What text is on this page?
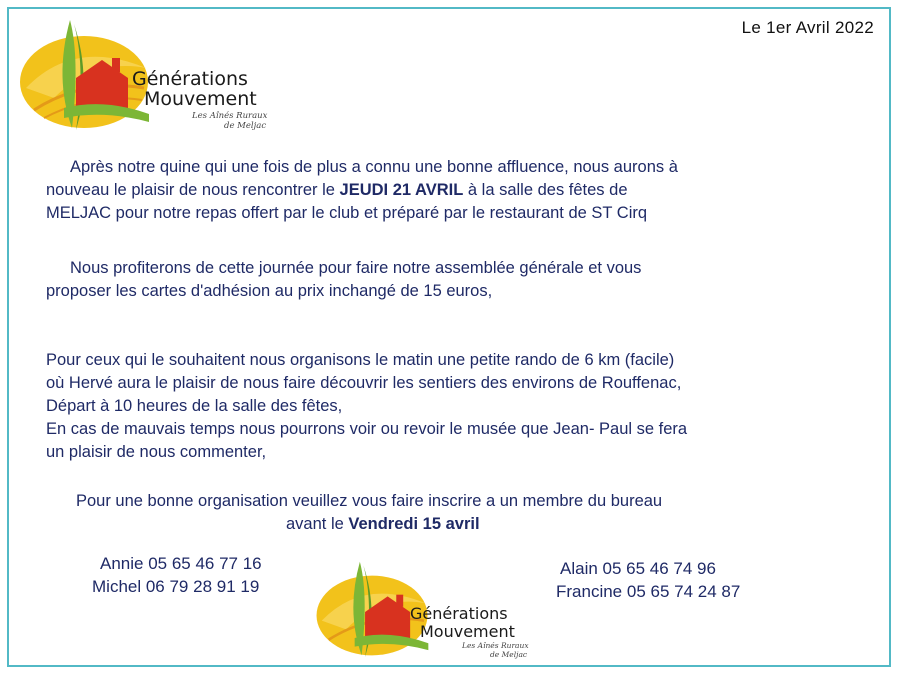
Le 1er Avril 2022
Générations
Mouvement
Les Aînés Ruraux
de Meljac
Après notre quine qui une fois de plus a connu une bonne affluence, nous aurons à
nouveau le plaisir de nous rencontrer le JEUDI 21 AVRIL à la salle des fêtes de
MELJAC pour notre repas offert par le club et préparé par le restaurant de ST Cirq
Nous profiterons de cette journée pour faire notre assemblée générale et vous
proposer les cartes d'adhésion au prix inchangé de 15 euros,
Pour ceux qui le souhaitent nous organisons le matin une petite rando de 6 km (facile)
où Hervé aura le plaisir de nous faire découvrir les sentiers des environs de Rouffenac,
Départ à 10 heures de la salle des fêtes,
En cas de mauvais temps nous pourrons voir ou revoir le musée que Jean- Paul se fera
un plaisir de nous commenter,
Pour une bonne organisation veuillez vous faire inscrire a un membre du bureau
avant le Vendredi 15 avril
Annie 05 65 46 77 16
Michel 06 79 28 91 19
Alain 05 65 46 74 96
Francine 05 65 74 24 87
Générations
Mouvement
Les Aînés Ruraux
de Meljac
